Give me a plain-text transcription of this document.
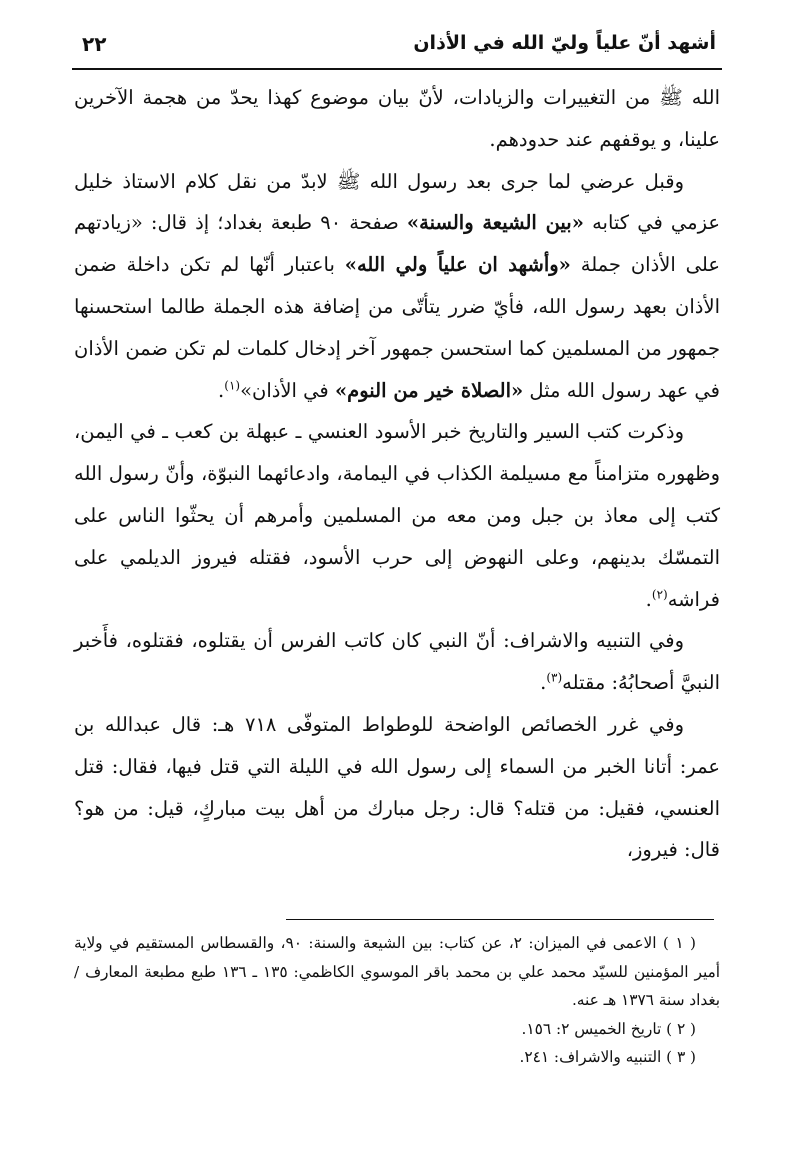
أشهد أنّ علياً وليّ الله في الأذان
٢٢

الله ﷺ من التغييرات والزيادات، لأنّ بيان موضوع كهذا يحدّ من هجمة الآخرين علينا، و يوقفهم عند حدودهم.

وقبل عرضي لما جرى بعد رسول الله ﷺ لابدّ من نقل كلام الاستاذ خليل عزمي في كتابه «بين الشيعة والسنة» صفحة ٩٠ طبعة بغداد؛ إذ قال: «زيادتهم على الأذان جملة «وأشهد ان علياً ولي الله» باعتبار أنّها لم تكن داخلة ضمن الأذان بعهد رسول الله، فأيّ ضرر يتأتّى من إضافة هذه الجملة طالما استحسنها جمهور من المسلمين كما استحسن جمهور آخر إدخال كلمات لم تكن ضمن الأذان في عهد رسول الله مثل «الصلاة خير من النوم» في الأذان»$^{(١)}$.

وذكرت كتب السير والتاريخ خبر الأسود العنسي ـ عبهلة بن كعب ـ في اليمن، وظهوره متزامناً مع مسيلمة الكذاب في اليمامة، وادعائهما النبوّة، وأنّ رسول الله كتب إلى معاذ بن جبل ومن معه من المسلمين وأمرهم أن يحثّوا الناس على التمسّك بدينهم، وعلى النهوض إلى حرب الأسود، فقتله فيروز الديلمي على فراشه$^{(٢)}$.

وفي التنبيه والاشراف: أنّ النبي كان كاتب الفرس أن يقتلوه، فقتلوه، فأَخبر النبيَّ أصحابُهُ: مقتله$^{(٣)}$.

وفي غرر الخصائص الواضحة للوطواط المتوفّى ٧١٨ هـ: قال عبدالله بن عمر: أتانا الخبر من السماء إلى رسول الله في الليلة التي قتل فيها، فقال: قتل العنسي، فقيل: من قتله؟ قال: رجل مبارك من أهل بيت مباركٍ، قيل: من هو؟ قال: فيروز،

( ١ ) الاعمى في الميزان: ٢، عن كتاب: بين الشيعة والسنة: ٩٠، والقسطاس المستقيم في ولاية أمير المؤمنين للسيّد محمد علي بن محمد باقر الموسوي الكاظمي: ١٣٥ ـ ١٣٦ طبع مطبعة المعارف / بغداد سنة ١٣٧٦ هـ عنه.

( ٢ ) تاريخ الخميس ٢: ١٥٦.

( ٣ ) التنبيه والاشراف: ٢٤١.
